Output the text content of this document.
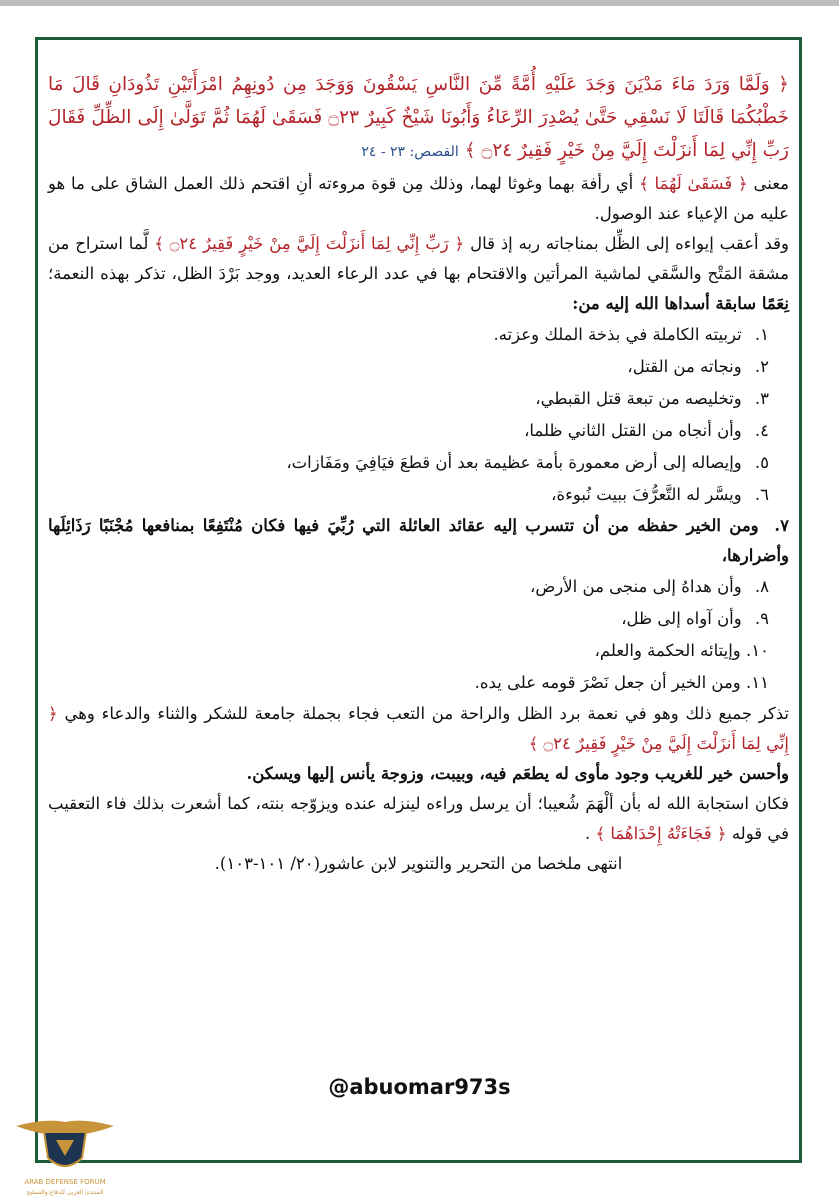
﴿ وَلَمَّا وَرَدَ مَاءَ مَدْيَنَ وَجَدَ عَلَيْهِ أُمَّةً مِّنَ النَّاسِ يَسْقُونَ وَوَجَدَ مِن دُونِهِمُ امْرَأَتَيْنِ تَذُودَانِ قَالَ مَا خَطْبُكُمَا قَالَتَا لَا نَسْقِي حَتَّىٰ يُصْدِرَ الرِّعَاءُ وَأَبُونَا شَيْخٌ كَبِيرٌ ۝٢٣ فَسَقَىٰ لَهُمَا ثُمَّ تَوَلَّىٰ إِلَى الظِّلِّ فَقَالَ رَبِّ إِنِّي لِمَا أَنزَلْتَ إِلَيَّ مِنْ خَيْرٍ فَقِيرٌ ۝٢٤ ﴾القصص: ٢٣ - ٢٤

معنى ﴿ فَسَقَىٰ لَهُمَا ﴾ أي رأفة بهما وغوثا لهما، وذلك مِن قوة مروءته أنِ اقتحم ذلك العمل الشاق على ما هو عليه من الإعياء عند الوصول.

وقد أعقب إيواءه إلى الظِّل بمناجاته ربه إذ قال ﴿ رَبِّ إِنِّي لِمَا أَنزَلْتَ إِلَيَّ مِنْ خَيْرٍ فَقِيرٌ ۝٢٤ ﴾ لَّما استراح من مشقة المَتْح والسَّقي لماشية المرأتين والاقتحام بها في عدد الرعاء العديد، ووجد بَرْدَ الظل، تذكر بهذه النعمة؛ نِعَمًا سابقة أسداها الله إليه من:

١. تربيته الكاملة في بذخة الملك وعزته.
٢. ونجاته من القتل،
٣. وتخليصه من تبعة قتل القبطي،
٤. وأن أنجاه من القتل الثاني ظلما،
٥. وإيصاله إلى أرض معمورة بأمة عظيمة بعد أن قطعَ فيَافِيَ ومَفَازات،
٦. ويسَّر له التَّعرُّفَ ببيت نُبوءة،

٧. ومن الخير حفظه من أن تتسرب إليه عقائد العائلة التي رُبِّيَ فيها فكان مُنْتَفِعًا بمنافعها مُجْنَبًا رَذَائِلَها وأضرارها،

٨. وأن هداهُ إلى منجى من الأرض،
٩. وأن آواه إلى ظل،
١٠. وإيتائه الحكمة والعلم،
١١. ومن الخير أن جعل نَصْرَ قومه على يده.

تذكر جميع ذلك وهو في نعمة برد الظل والراحة من التعب فجاء بجملة جامعة للشكر والثناء والدعاء وهي ﴿ إِنِّي لِمَا أَنزَلْتَ إِلَيَّ مِنْ خَيْرٍ فَقِيرٌ ۝٢٤ ﴾

وأحسن خير للغريب وجود مأوى له يطعَم فيه، وبيبت، وزوجة يأنس إليها ويسكن.

فكان استجابة الله له بأن ألْهَمَ شُعيبا؛ أن يرسل وراءه لينزله عنده ويزوّجه بنته، كما أشعرت بذلك فاء التعقيب في قوله ﴿ فَجَاءَتْهُ إِحْدَاهُمَا ﴾ .

انتهى ملخصا من التحرير والتنوير لابن عاشور(٢٠/ ١٠١-١٠٣).

@abuomar973s
ARAB DEFENSE FORUM
المنتدى العربي للدفاع والتسليح
